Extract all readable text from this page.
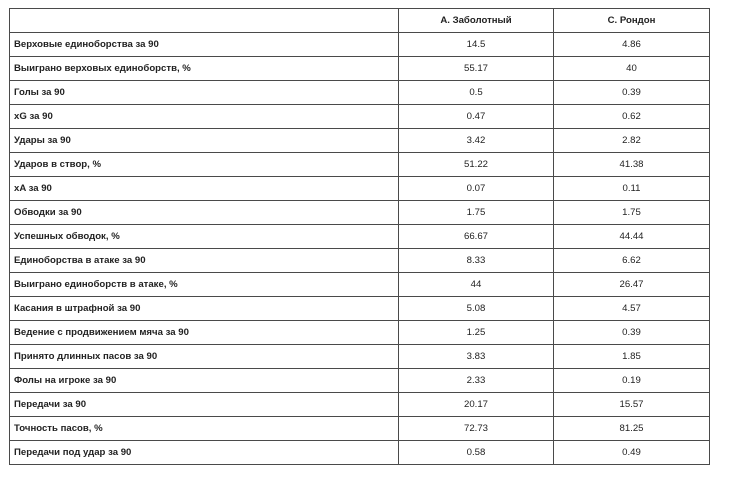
	А. Заболотный	С. Рондон
Верховые единоборства за 90	14.5	4.86
Выиграно верховых единоборств, %	55.17	40
Голы за 90	0.5	0.39
xG за 90	0.47	0.62
Удары за 90	3.42	2.82
Ударов в створ, %	51.22	41.38
xA за 90	0.07	0.11
Обводки за 90	1.75	1.75
Успешных обводок, %	66.67	44.44
Единоборства в атаке за 90	8.33	6.62
Выиграно единоборств в атаке, %	44	26.47
Касания в штрафной за 90	5.08	4.57
Ведение с продвижением мяча за 90	1.25	0.39
Принято длинных пасов за 90	3.83	1.85
Фолы на игроке за 90	2.33	0.19
Передачи за 90	20.17	15.57
Точность пасов, %	72.73	81.25
Передачи под удар за 90	0.58	0.49
